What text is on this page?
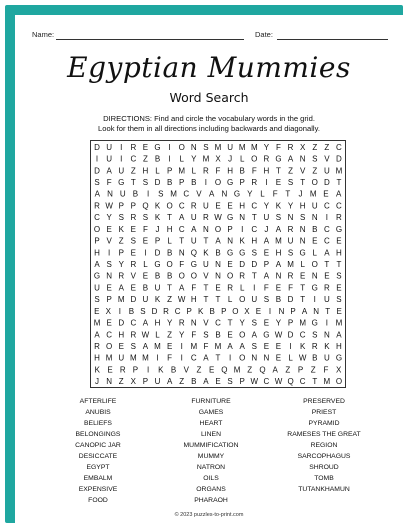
Name:	Date:
Egyptian Mummies
Word Search
DIRECTIONS: Find and circle the vocabulary words in the grid.
Look for them in all directions including backwards and diagonally.
D U I R E G I O N S M U M M Y F R X Z Z C
I U I C Z B I L Y M X J L O R G A N S V D
D A U Z H L P M L R F H B F H T Z V Z U M
S F G T S D B P B I O G P R I E S T O D T
A N U B I S M C V A N G Y L F T J M E A
R W P P Q K O C R U E E H C Y K Y H U C C
C Y S R S K T A U R W G N T U S N S N I R
O E K E F J H C A N O P I C J A R N B C G
P V Z S E P L T U T A N K H A M U N E C E
H I P E I D B N Q K B G G S E H S G L A H
A S Y R L G O F G U N E D D P A M L O T T
G N R V E B B O O V N O R T A N R E N E S
U E A E B U T A F T E R L I F E F T G R E
S P M D U K Z W H T T L O U S B D T I U S
E X I B S D R C P K B P O X E I N P A N T E
M E D C A H Y R N V C T Y S E Y P M G I M
A C H R W L Z Y F S B E O A G W D C S N A
R O E S A M E I M F M A A S E E I K R K H
H M U M M I F I C A T I O N N E L W B U G
K E R P I K B V Z E Q M Z Q A Z P Z F X
J N Z X P U A Z B A E S P W C W Q C T M O
AFTERLIFE
ANUBIS
BELIEFS
BELONGINGS
CANOPIC JAR
DESICCATE
EGYPT
EMBALM
EXPENSIVE
FOOD
FURNITURE
GAMES
HEART
LINEN
MUMMIFICATION
MUMMY
NATRON
OILS
ORGANS
PHARAOH
PRESERVED
PRIEST
PYRAMID
RAMESES THE GREAT
REGION
SARCOPHAGUS
SHROUD
TOMB
TUTANKHAMUN
© 2023 puzzles-to-print.com
